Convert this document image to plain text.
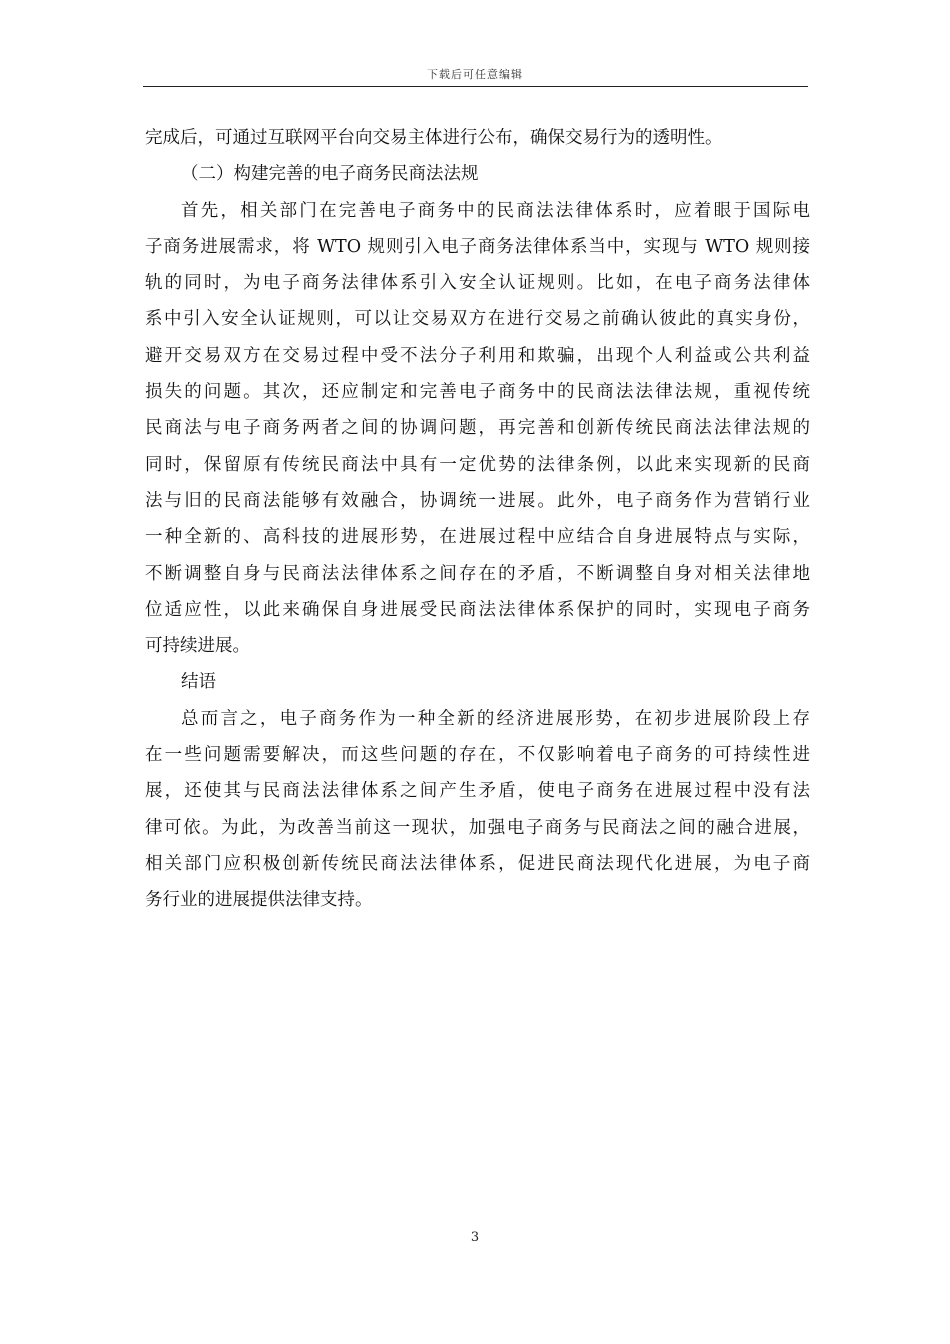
下载后可任意编辑
完成后，可通过互联网平台向交易主体进行公布，确保交易行为的透明性。
（二）构建完善的电子商务民商法法规
首先，相关部门在完善电子商务中的民商法法律体系时，应着眼于国际电
子商务进展需求，将 WTO 规则引入电子商务法律体系当中，实现与 WTO 规则接
轨的同时，为电子商务法律体系引入安全认证规则。比如，在电子商务法律体
系中引入安全认证规则，可以让交易双方在进行交易之前确认彼此的真实身份，
避开交易双方在交易过程中受不法分子利用和欺骗，出现个人利益或公共利益
损失的问题。其次，还应制定和完善电子商务中的民商法法律法规，重视传统
民商法与电子商务两者之间的协调问题，再完善和创新传统民商法法律法规的
同时，保留原有传统民商法中具有一定优势的法律条例，以此来实现新的民商
法与旧的民商法能够有效融合，协调统一进展。此外，电子商务作为营销行业
一种全新的、高科技的进展形势，在进展过程中应结合自身进展特点与实际，
不断调整自身与民商法法律体系之间存在的矛盾，不断调整自身对相关法律地
位适应性，以此来确保自身进展受民商法法律体系保护的同时，实现电子商务
可持续进展。
结语
总而言之，电子商务作为一种全新的经济进展形势，在初步进展阶段上存
在一些问题需要解决，而这些问题的存在，不仅影响着电子商务的可持续性进
展，还使其与民商法法律体系之间产生矛盾，使电子商务在进展过程中没有法
律可依。为此，为改善当前这一现状，加强电子商务与民商法之间的融合进展，
相关部门应积极创新传统民商法法律体系，促进民商法现代化进展，为电子商
务行业的进展提供法律支持。
3
